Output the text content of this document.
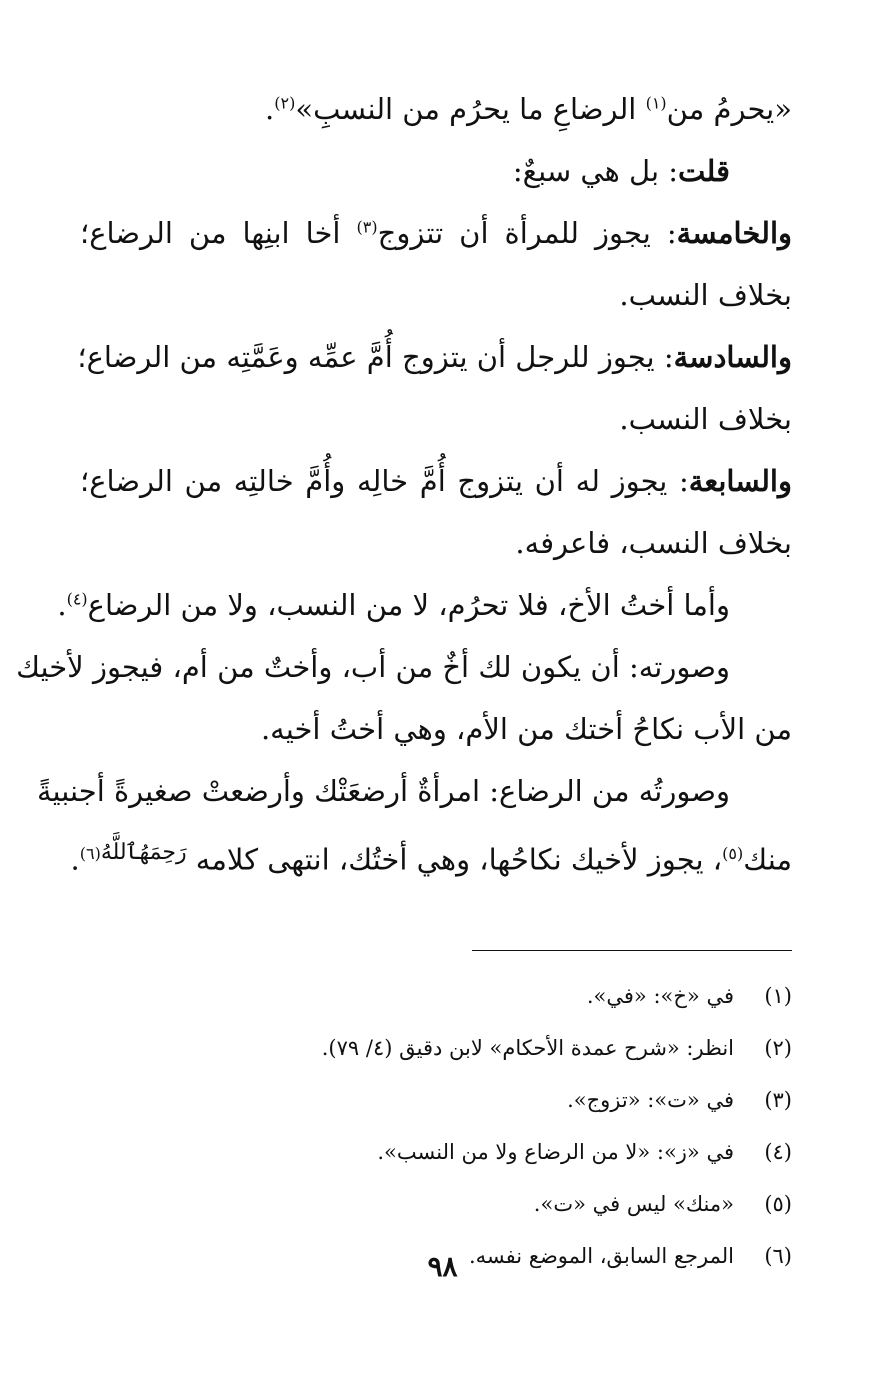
«يحرمُ من$^{(١)}$ الرضاعِ ما يحرُم من النسبِ»$^{(٢)}$.
قلت: بل هي سبعٌ:
والخامسة: يجوز للمرأة أن تتزوج$^{(٣)}$ أخا ابنِها من الرضاع؛
بخلاف النسب.
والسادسة: يجوز للرجل أن يتزوج أُمَّ عمِّه وعَمَّتِه من الرضاع؛
بخلاف النسب.
والسابعة: يجوز له أن يتزوج أُمَّ خالِه وأُمَّ خالتِه من الرضاع؛
بخلاف النسب، فاعرفه.
وأما أختُ الأخ، فلا تحرُم، لا من النسب، ولا من الرضاع$^{(٤)}$.
وصورته: أن يكون لك أخٌ من أب، وأختٌ من أم، فيجوز لأخيك
من الأب نكاحُ أختك من الأم، وهي أختُ أخيه.
وصورتُه من الرضاع: امرأةٌ أرضعَتْك وأرضعتْ صغيرةً أجنبيةً
منك$^{(٥)}$، يجوز لأخيك نكاحُها، وهي أختُك، انتهى كلامه $^{رَحِمَهُٱللَّهُ(٦)}$.
(١)في «خ»: «في».
(٢)انظر: «شرح عمدة الأحكام» لابن دقيق (٤/ ٧٩).
(٣)في «ت»: «تزوج».
(٤)في «ز»: «لا من الرضاع ولا من النسب».
(٥)«منك» ليس في «ت».
(٦)المرجع السابق، الموضع نفسه.
٩٨
